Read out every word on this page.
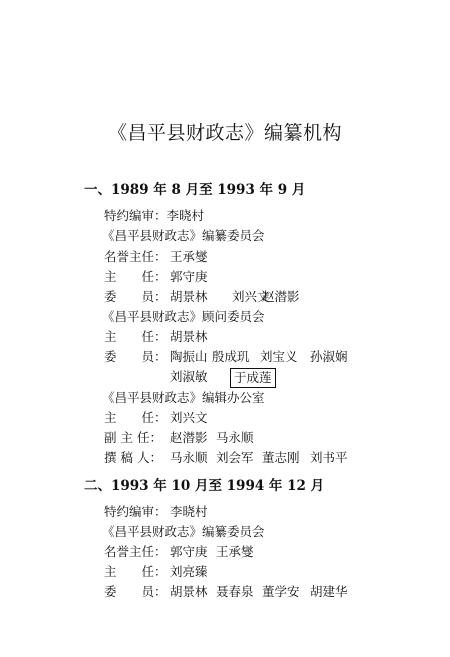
《昌平县财政志》编纂机构
一、1989 年 8 月至 1993 年 9 月
特约编审：李晓村
《昌平县财政志》编纂委员会
名誉主任： 王承燮
主　　任： 郭守庚
委　　员： 胡景林 刘兴文
赵潜影
《昌平县财政志》顾问委员会
主　　任： 胡景林
委　　员： 陶振山 殷成玑 刘宝义 孙淑娴
刘淑敏	于成莲
《昌平县财政志》编辑办公室
主　　任： 刘兴文
副 主 任： 赵潜影 马永顺
撰 稿 人： 马永顺 刘会军 董志刚 刘书平
二、1993 年 10 月至 1994 年 12 月
特约编审： 李晓村
《昌平县财政志》编纂委员会
名誉主任： 郭守庚 王承燮
主　　任： 刘亮臻
委　　员： 胡景林 聂春泉 董学安 胡建华
